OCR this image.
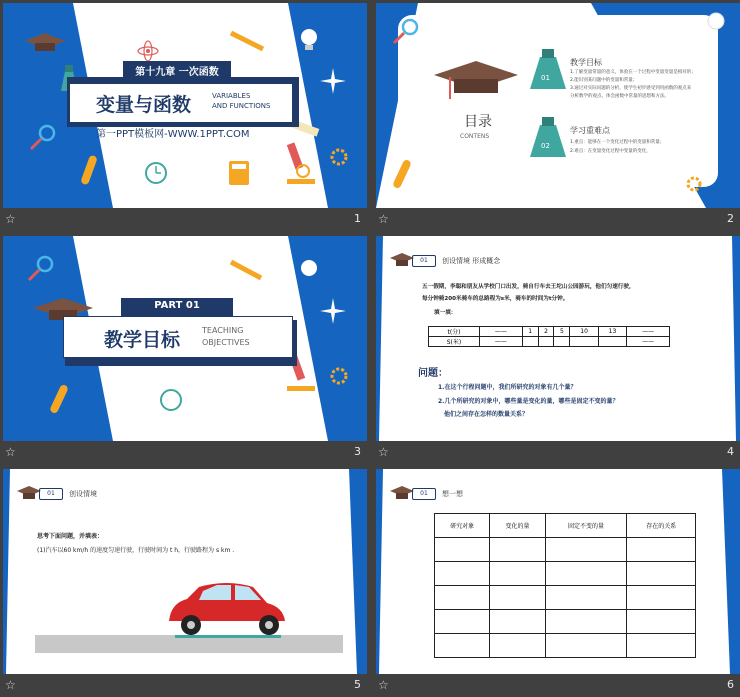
第十九章 一次函数
变量与函数	VARIABLES
AND FUNCTIONS
第一PPT模板网-WWW.1PPT.COM
☆	1
目录
CONTENS
01
02
教学目标
1.了解变量常量的意义，体验在一个过程中变量变量是相对的；
2.能识别某问题中的变量和常量；
3.通过对实际问题的分析，使学生初步感受到用函数的观点来
分析数学的观点。体会函数中常量的思想和方法。
学习重难点
1.重点：能够在一个变化过程中的变量和常量；
2.难点：在变量变化过程中变量的变化，
☆	2
PART 01
教学目标	TEACHING
OBJECTIVES
☆	3
01	创设情境 形成概念
五一假期，李聪和朋友从学校门口出发，骑自行车去王坨山公园游玩，他们匀速行驶，
每分钟骑200米骑车的总路程为s米，骑车的时间为t分钟。
填一填：
t(分)	——	1	2	5	10	13	——
S(米)	——						——
问题：
1.在这个行程问题中，我们所研究的对象有几个量？
2.几个所研究的对象中，哪些量是变化的量，哪些是固定不变的量？
他们之间存在怎样的数量关系？
☆	4
01	创设情境
思考下面问题，并填表：
(1)汽车以60 km/h 的速度匀速行驶，行驶时间为 t h，行驶路程为 s km .
☆	5
01	想一想
研究对象	变化的量	固定不变的量	存在的关系

☆	6
